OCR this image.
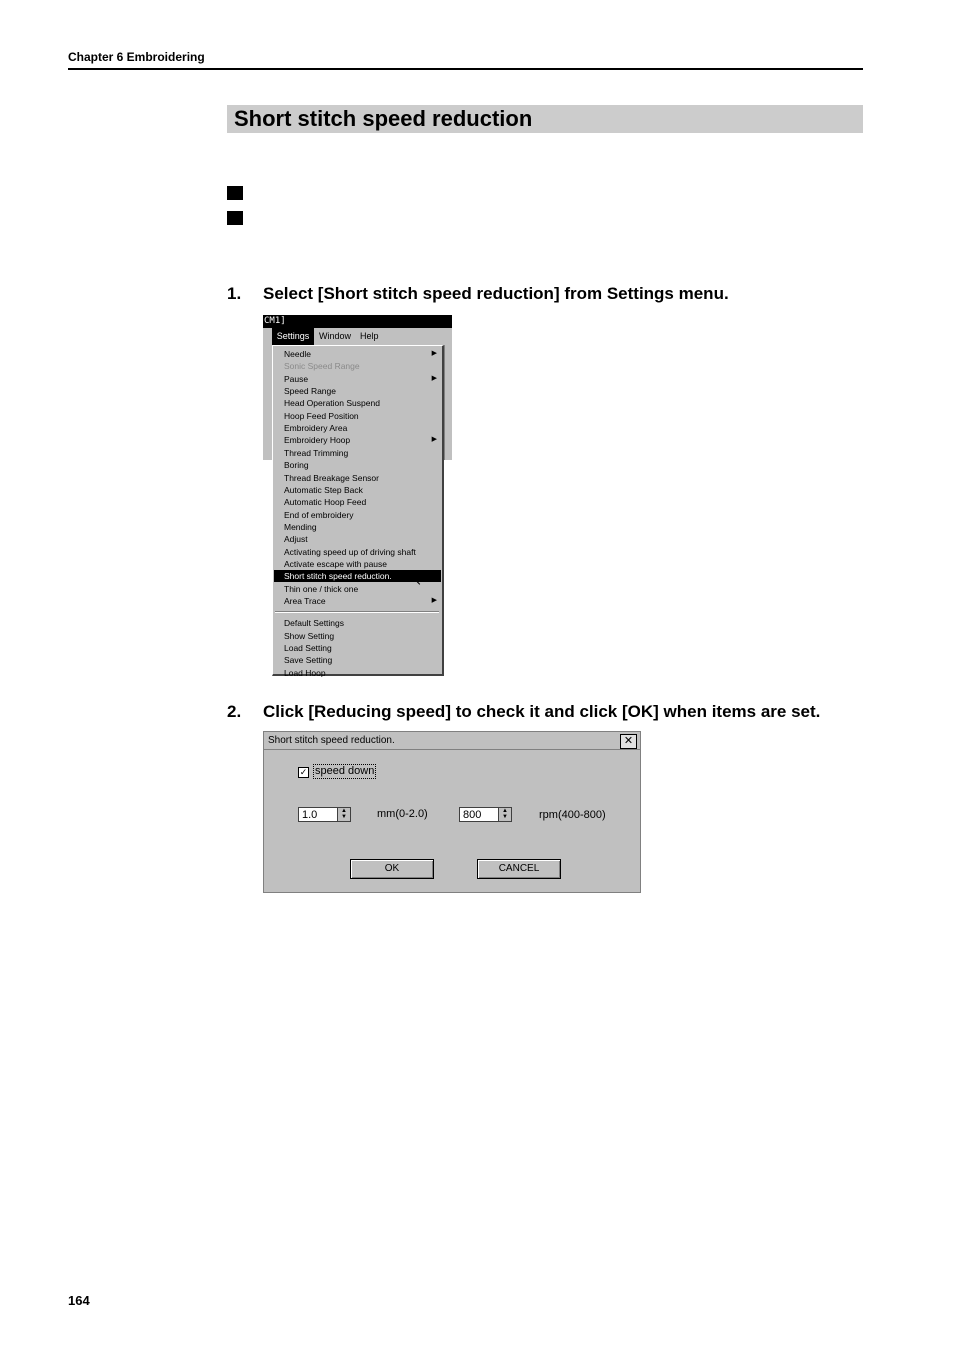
Chapter 6 Embroidering
Short stitch speed reduction
1. Select [Short stitch speed reduction] from Settings menu.
CM1]
Settings	Window Help
Needle	▶
Sonic Speed Range
Pause	▶
Speed Range
Head Operation Suspend
Hoop Feed Position
Embroidery Area
Embroidery Hoop	▶
Thread Trimming
Boring
Thread Breakage Sensor
Automatic Step Back
Automatic Hoop Feed
End of embroidery
Mending
Adjust
Activating speed up of driving shaft
Activate escape with pause
Short stitch speed reduction.
Thin one / thick one
Area Trace	▶
Default Settings
Show Setting
Load Setting
Save Setting
Load Hoop
↖
2. Click [Reducing speed] to check it and click [OK] when items are set.
Short stitch speed reduction.	✕
✓ speed down
1.0	▲
▼	mm(0-2.0)	800	▲
▼	rpm(400-800)
OK	CANCEL
164
